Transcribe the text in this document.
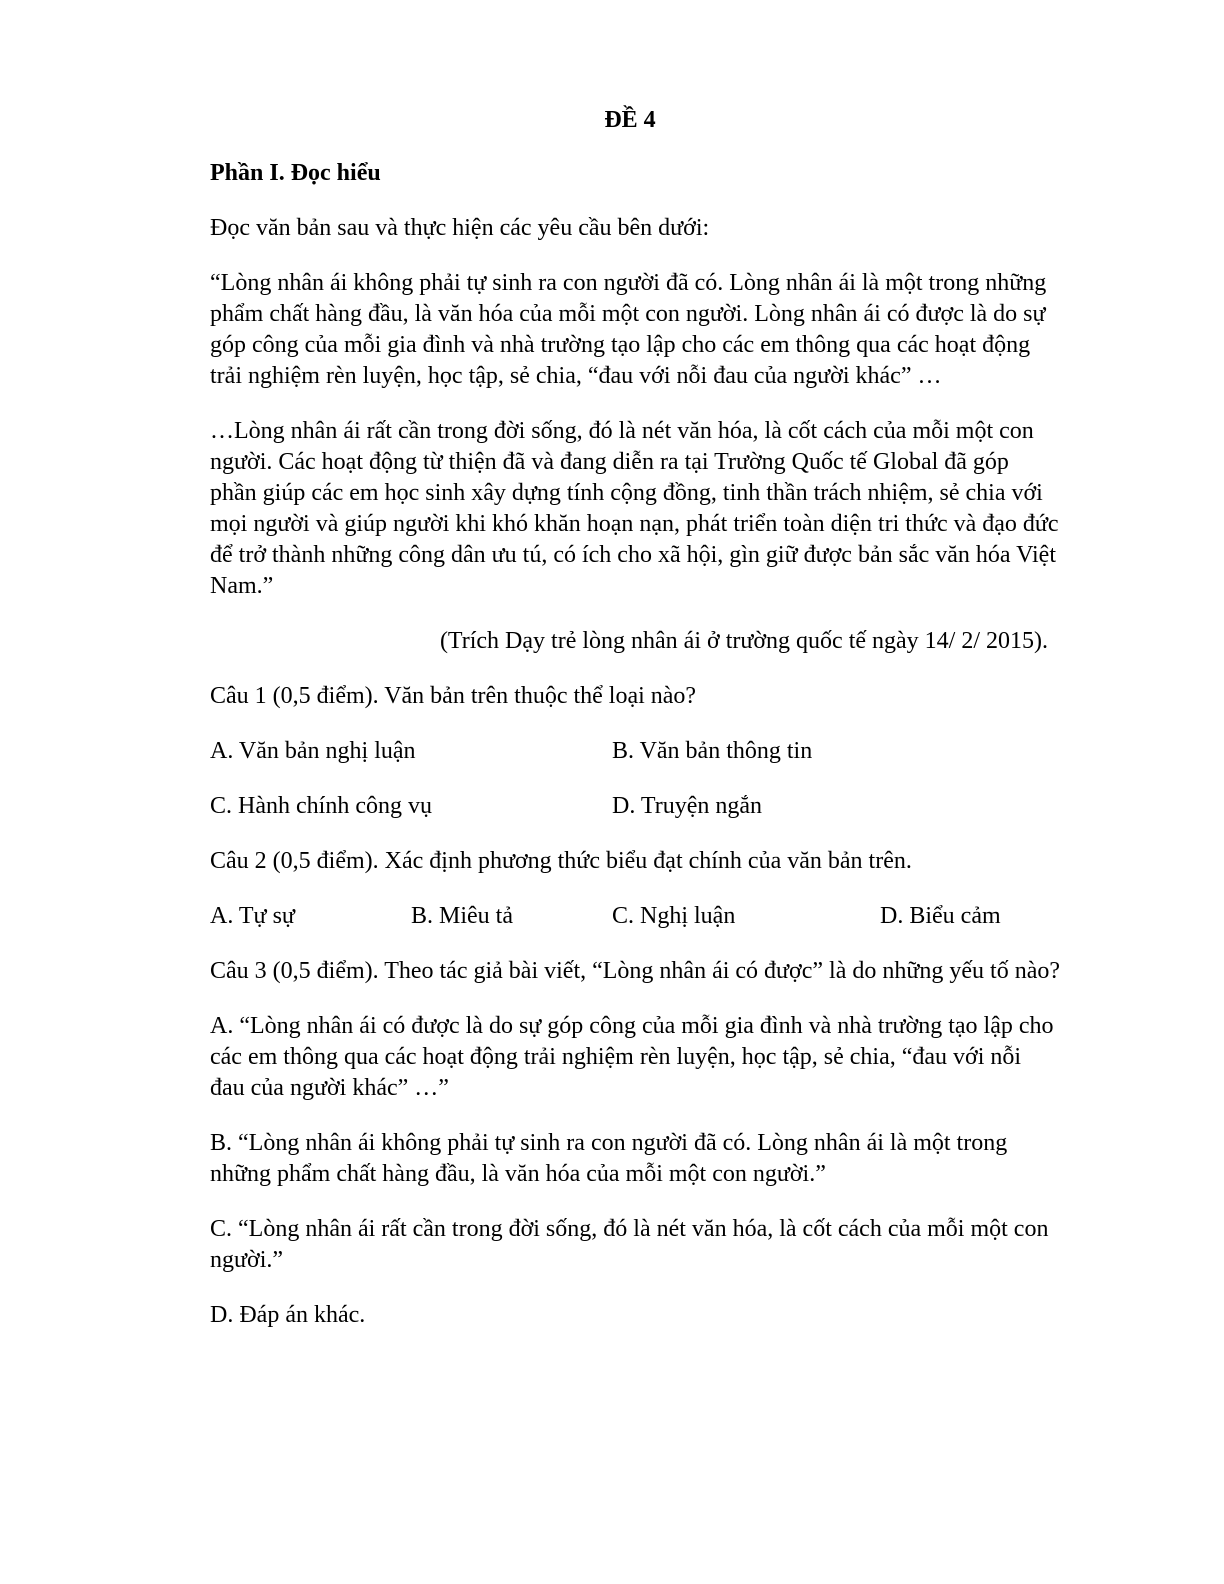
ĐỀ 4
Phần I. Đọc hiểu
Đọc văn bản sau và thực hiện các yêu cầu bên dưới:
“Lòng nhân ái không phải tự sinh ra con người đã có. Lòng nhân ái là một trong những phẩm chất hàng đầu, là văn hóa của mỗi một con người. Lòng nhân ái có được là do sự góp công của mỗi gia đình và nhà trường tạo lập cho các em thông qua các hoạt động trải nghiệm rèn luyện, học tập, sẻ chia, “đau với nỗi đau của người khác” …
…Lòng nhân ái rất cần trong đời sống, đó là nét văn hóa, là cốt cách của mỗi một con người. Các hoạt động từ thiện đã và đang diễn ra tại Trường Quốc tế Global đã góp phần giúp các em học sinh xây dựng tính cộng đồng, tinh thần trách nhiệm, sẻ chia với mọi người và giúp người khi khó khăn hoạn nạn, phát triển toàn diện tri thức và đạo đức để trở thành những công dân ưu tú, có ích cho xã hội, gìn giữ được bản sắc văn hóa Việt Nam.”
(Trích Dạy trẻ lòng nhân ái ở trường quốc tế ngày 14/ 2/ 2015).
Câu 1 (0,5 điểm). Văn bản trên thuộc thể loại nào?
A. Văn bản nghị luận	B. Văn bản thông tin
C. Hành chính công vụ	D. Truyện ngắn
Câu 2 (0,5 điểm). Xác định phương thức biểu đạt chính của văn bản trên.
A. Tự sự	B. Miêu tả	C. Nghị luận	D. Biểu cảm
Câu 3 (0,5 điểm). Theo tác giả bài viết, “Lòng nhân ái có được” là do những yếu tố nào?
A. “Lòng nhân ái có được là do sự góp công của mỗi gia đình và nhà trường tạo lập cho các em thông qua các hoạt động trải nghiệm rèn luyện, học tập, sẻ chia, “đau với nỗi đau của người khác” …”
B. “Lòng nhân ái không phải tự sinh ra con người đã có. Lòng nhân ái là một trong những phẩm chất hàng đầu, là văn hóa của mỗi một con người.”
C. “Lòng nhân ái rất cần trong đời sống, đó là nét văn hóa, là cốt cách của mỗi một con người.”
D. Đáp án khác.
